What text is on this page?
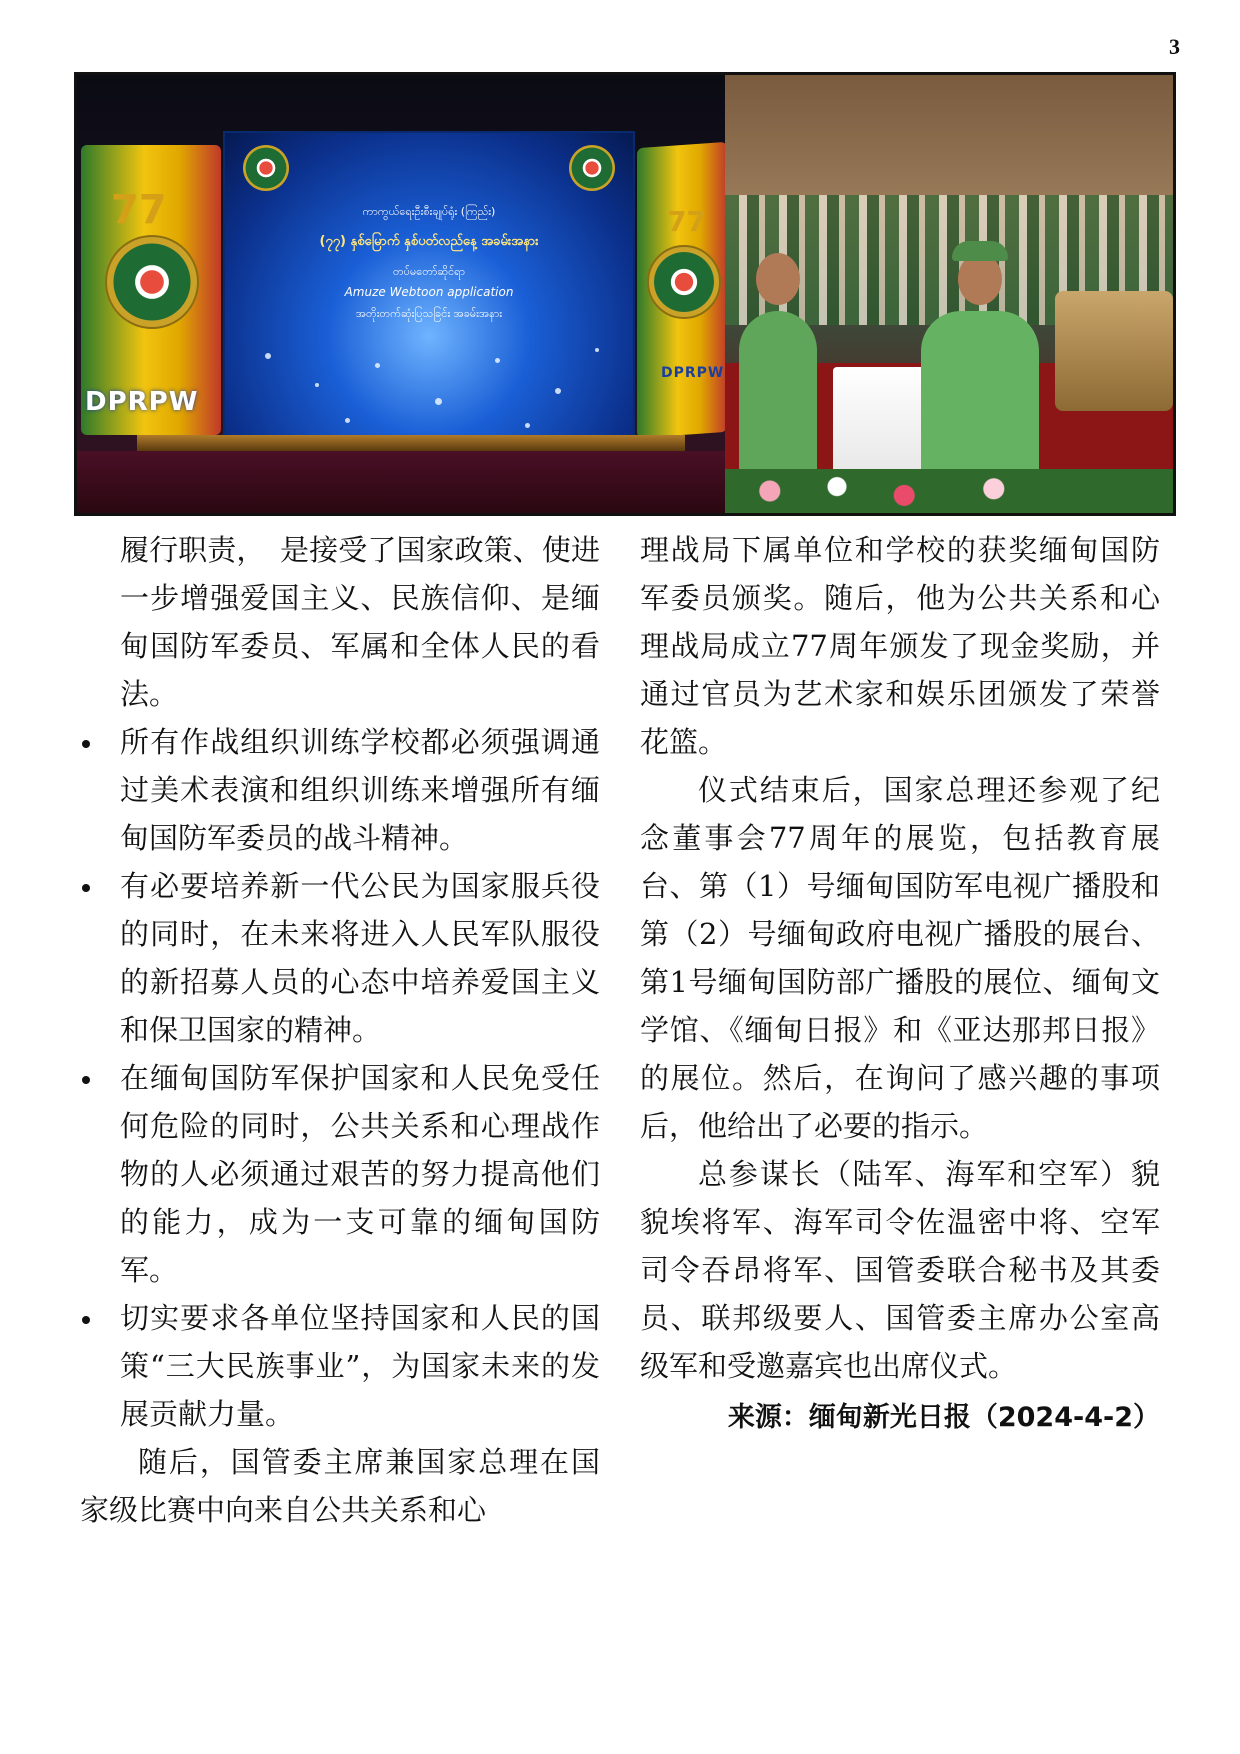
3
77	77
DPRPW
DPRPW
ကာကွယ်ရေးဦးစီးချုပ်ရုံး (ကြည်း)
(၇၇) နှစ်မြောက် နှစ်ပတ်လည်နေ့ အခမ်းအနား
တပ်မတော်ဆိုင်ရာ
Amuze Webtoon application
အတိုးတက်ဆုံးပြသခြင်း အခမ်းအနား

履行职责，　是接受了国家政策、使进一步增强爱国主义、民族信仰、是缅甸国防军委员、军属和全体人民的看法。

所有作战组织训练学校都必须强调通过美术表演和组织训练来增强所有缅甸国防军委员的战斗精神。
有必要培养新一代公民为国家服兵役的同时，在未来将进入人民军队服役的新招募人员的心态中培养爱国主义和保卫国家的精神。
在缅甸国防军保护国家和人民免受任何危险的同时，公共关系和心理战作物的人必须通过艰苦的努力提高他们的能力，成为一支可靠的缅甸国防军。
切实要求各单位坚持国家和人民的国策“三大民族事业”，为国家未来的发展贡献力量。

随后，国管委主席兼国家总理在国家级比赛中向来自公共关系和心

理战局下属单位和学校的获奖缅甸国防军委员颁奖。随后，他为公共关系和心理战局成立77周年颁发了现金奖励，并通过官员为艺术家和娱乐团颁发了荣誉花篮。

仪式结束后，国家总理还参观了纪念董事会77周年的展览，包括教育展台、第（1）号缅甸国防军电视广播股和第（2）号缅甸政府电视广播股的展台、第1号缅甸国防部广播股的展位、缅甸文学馆、《缅甸日报》和《亚达那邦日报》的展位。然后，在询问了感兴趣的事项后，他给出了必要的指示。

总参谋长（陆军、海军和空军）貌貌埃将军、海军司令佐温密中将、空军司令吞昂将军、国管委联合秘书及其委员、联邦级要人、国管委主席办公室高级军和受邀嘉宾也出席仪式。

来源：缅甸新光日报（2024-4-2）
